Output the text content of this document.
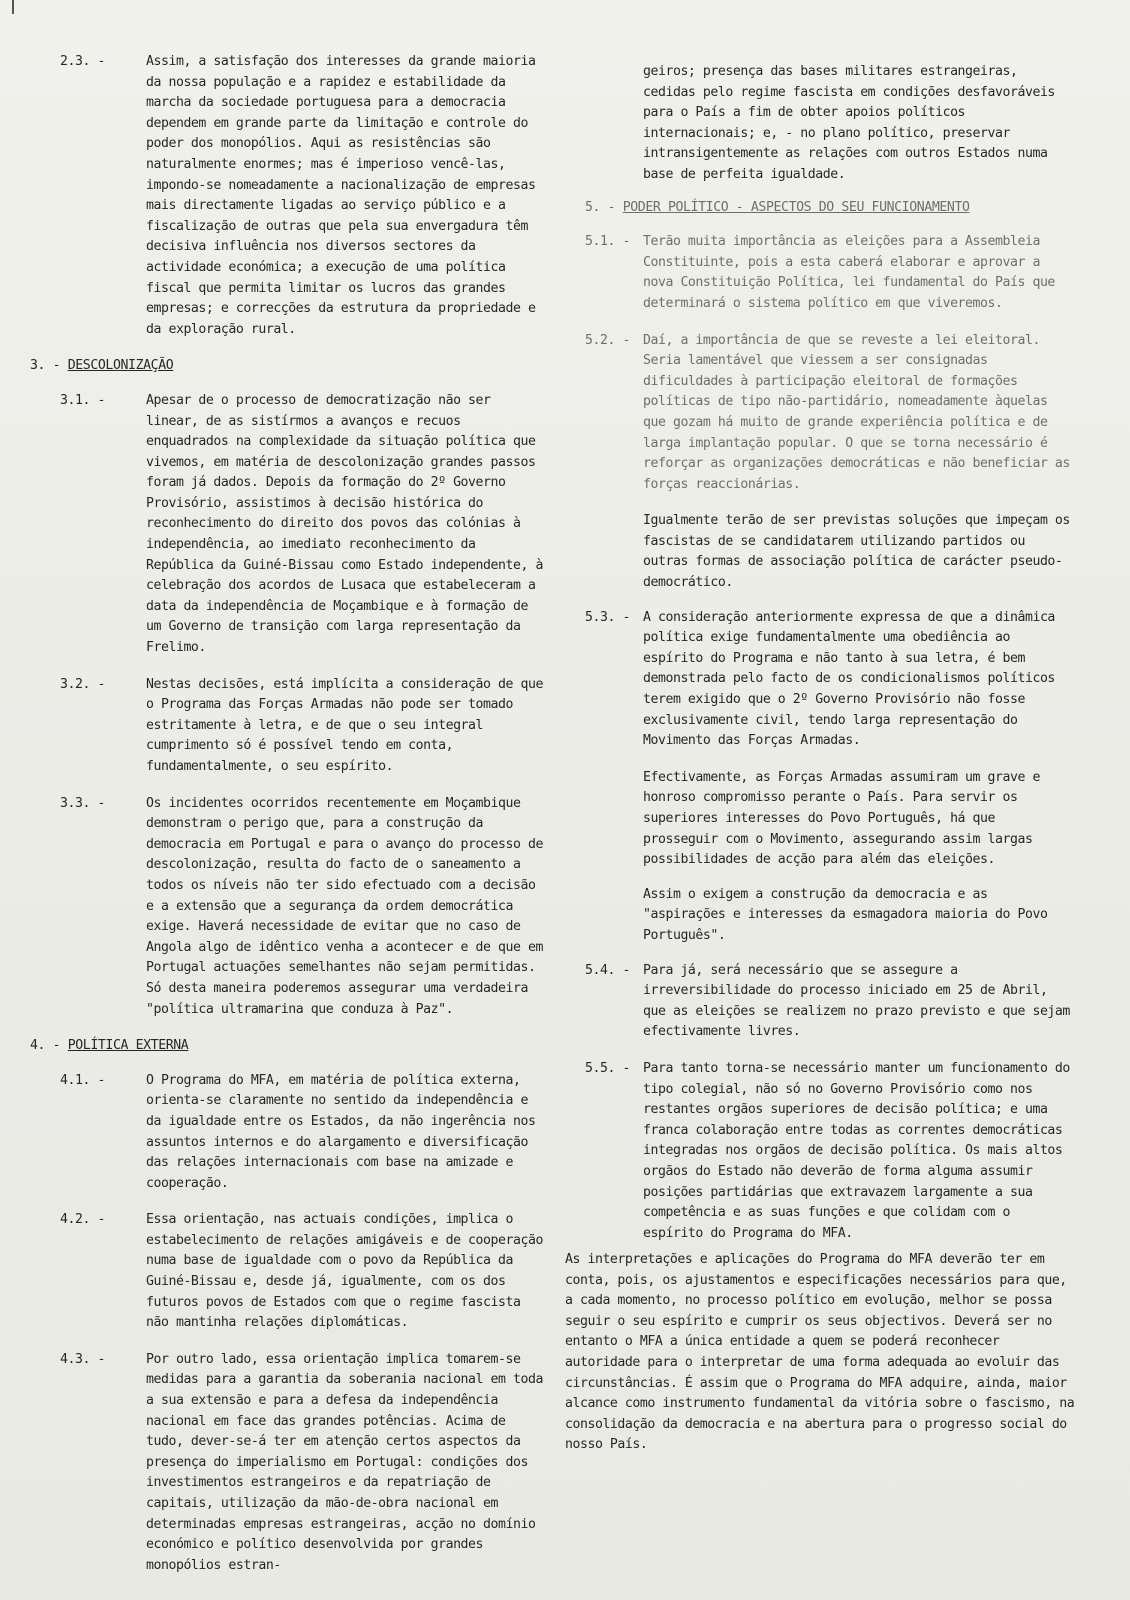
2.3. -	Assim, a satisfação dos interesses da grande maioria da nossa população e a rapidez e estabilidade da marcha da sociedade portuguesa para a democracia dependem em grande parte da limitação e controle do poder dos monopólios. Aqui as resistências são naturalmente enormes; mas é imperioso vencê-las, impondo-se nomeadamente a nacionalização de empresas mais directamente ligadas ao serviço público e a fiscalização de outras que pela sua envergadura têm decisiva influência nos diversos sectores da actividade económica; a execução de uma política fiscal que permita limitar os lucros das grandes empresas; e correcções da estrutura da propriedade e da exploração rural.
3. - DESCOLONIZAÇÃO
3.1. -	Apesar de o processo de democratização não ser linear, de as sistírmos a avanços e recuos enquadrados na complexidade da situação política que vivemos, em matéria de descolonização grandes passos foram já dados. Depois da formação do 2º Governo Provisório, assistimos à decisão histórica do reconhecimento do direito dos povos das colónias à independência, ao imediato reconhecimento da República da Guiné-Bissau como Estado independente, à celebração dos acordos de Lusaca que estabeleceram a data da independência de Moçambique e à formação de um Governo de transição com larga representação da Frelimo.
3.2. -	Nestas decisões, está implícita a consideração de que o Programa das Forças Armadas não pode ser tomado estritamente à letra, e de que o seu integral cumprimento só é possível tendo em conta, fundamentalmente, o seu espírito.
3.3. -	Os incidentes ocorridos recentemente em Moçambique demonstram o perigo que, para a construção da democracia em Portugal e para o avanço do processo de descolonização, resulta do facto de o saneamento a todos os níveis não ter sido efectuado com a decisão e a extensão que a segurança da ordem democrática exige. Haverá necessidade de evitar que no caso de Angola algo de idêntico venha a acontecer e de que em Portugal actuações semelhantes não sejam permitidas. Só desta maneira poderemos assegurar uma verdadeira "política ultramarina que conduza à Paz".
4. - POLÍTICA EXTERNA
4.1. -	O Programa do MFA, em matéria de política externa, orienta-se claramente no sentido da independência e da igualdade entre os Estados, da não ingerência nos assuntos internos e do alargamento e diversificação das relações internacionais com base na amizade e cooperação.
4.2. -	Essa orientação, nas actuais condições, implica o estabelecimento de relações amigáveis e de cooperação numa base de igualdade com o povo da República da Guiné-Bissau e, desde já, igualmente, com os dos futuros povos de Estados com que o regime fascista não mantinha relações diplomáticas.
4.3. -	Por outro lado, essa orientação implica tomarem-se medidas para a garantia da soberania nacional em toda a sua extensão e para a defesa da independência nacional em face das grandes potências. Acima de tudo, dever-se-á ter em atenção certos aspectos da presença do imperialismo em Portugal: condições dos investimentos estrangeiros e da repatriação de capitais, utilização da mão-de-obra nacional em determinadas empresas estrangeiras, acção no domínio económico e político desenvolvida por grandes monopólios estran-
geiros; presença das bases militares estrangeiras, cedidas pelo regime fascista em condições desfavoráveis para o País a fim de obter apoios políticos internacionais; e, - no plano político, preservar intransigentemente as relações com outros Estados numa base de perfeita igualdade.
5. - PODER POLÍTICO - ASPECTOS DO SEU FUNCIONAMENTO
5.1. - Terão muita importância as eleições para a Assembleia Constituinte, pois a esta caberá elaborar e aprovar a nova Constituição Política, lei fundamental do País que determinará o sistema político em que viveremos.
5.2. - Daí, a importância de que se reveste a lei eleitoral. Seria lamentável que viessem a ser consignadas dificuldades à participação eleitoral de formações políticas de tipo não-partidário, nomeadamente àquelas que gozam há muito de grande experiência política e de larga implantação popular. O que se torna necessário é reforçar as organizações democráticas e não beneficiar as forças reaccionárias.
Igualmente terão de ser previstas soluções que impeçam os fascistas de se candidatarem utilizando partidos ou outras formas de associação política de carácter pseudo-democrático.
5.3. - A consideração anteriormente expressa de que a dinâmica política exige fundamentalmente uma obediência ao espírito do Programa e não tanto à sua letra, é bem demonstrada pelo facto de os condicionalismos políticos terem exigido que o 2º Governo Provisório não fosse exclusivamente civil, tendo larga representação do Movimento das Forças Armadas.
Efectivamente, as Forças Armadas assumiram um grave e honroso compromisso perante o País. Para servir os superiores interesses do Povo Português, há que prosseguir com o Movimento, assegurando assim largas possibilidades de acção para além das eleições.
Assim o exigem a construção da democracia e as "aspirações e interesses da esmagadora maioria do Povo Português".
5.4. - Para já, será necessário que se assegure a irreversibilidade do processo iniciado em 25 de Abril, que as eleições se realizem no prazo previsto e que sejam efectivamente livres.
5.5. - Para tanto torna-se necessário manter um funcionamento do tipo colegial, não só no Governo Provisório como nos restantes orgãos superiores de decisão política; e uma franca colaboração entre todas as correntes democráticas integradas nos orgãos de decisão política. Os mais altos orgãos do Estado não deverão de forma alguma assumir posições partidárias que extravazem largamente a sua competência e as suas funções e que colidam com o espírito do Programa do MFA.
As interpretações e aplicações do Programa do MFA deverão ter em conta, pois, os ajustamentos e especificações necessários para que, a cada momento, no processo político em evolução, melhor se possa seguir o seu espírito e cumprir os seus objectivos. Deverá ser no entanto o MFA a única entidade a quem se poderá reconhecer autoridade para o interpretar de uma forma adequada ao evoluir das circunstâncias. É assim que o Programa do MFA adquire, ainda, maior alcance como instrumento fundamental da vitória sobre o fascismo, na consolidação da democracia e na abertura para o progresso social do nosso País.
